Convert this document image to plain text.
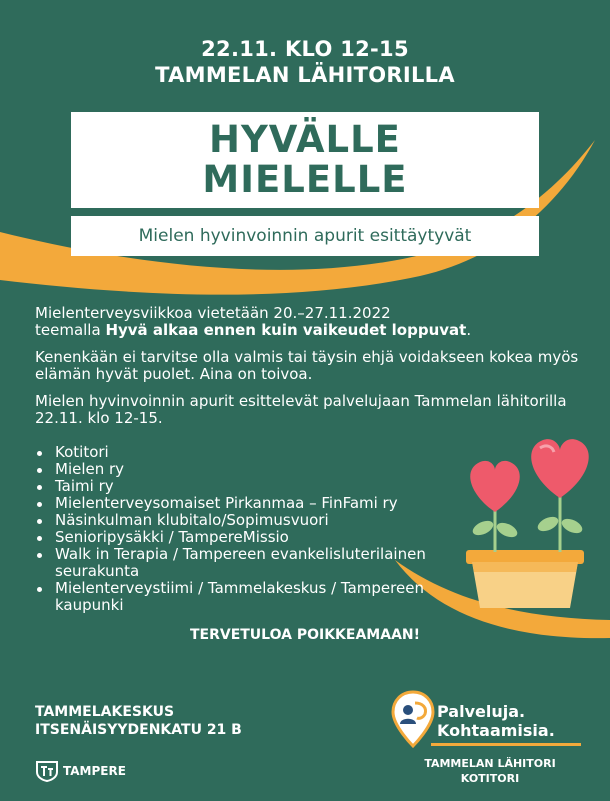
22.11. KLO 12-15
TAMMELAN LÄHITORILLA
HYVÄLLE
MIELELLE
Mielen hyvinvoinnin apurit esittäytyvät

Mielenterveysviikkoa vietetään 20.–27.11.2022
teemalla Hyvä alkaa ennen kuin vaikeudet loppuvat.

Kenenkään ei tarvitse olla valmis tai täysin ehjä voidakseen kokea myös elämän hyvät puolet. Aina on toivoa.

Mielen hyvinvoinnin apurit esittelevät palvelujaan Tammelan lähitorilla 22.11. klo 12-15.

Kotitori
Mielen ry
Taimi ry
Mielenterveysomaiset Pirkanmaa – FinFami ry
Näsinkulman klubitalo/Sopimusvuori
Senioripysäkki / TampereMissio
Walk in Terapia / Tampereen evankelisluterilainen seurakunta
Mielenterveystiimi / Tammelakeskus / Tampereen kaupunki
TERVETULOA POIKKEAMAAN!
TAMMELAKESKUS
ITSENÄISYYDENKATU 21 B
TAMPERE
Palveluja.
Kohtaamisia.
TAMMELAN LÄHITORI
KOTITORI
